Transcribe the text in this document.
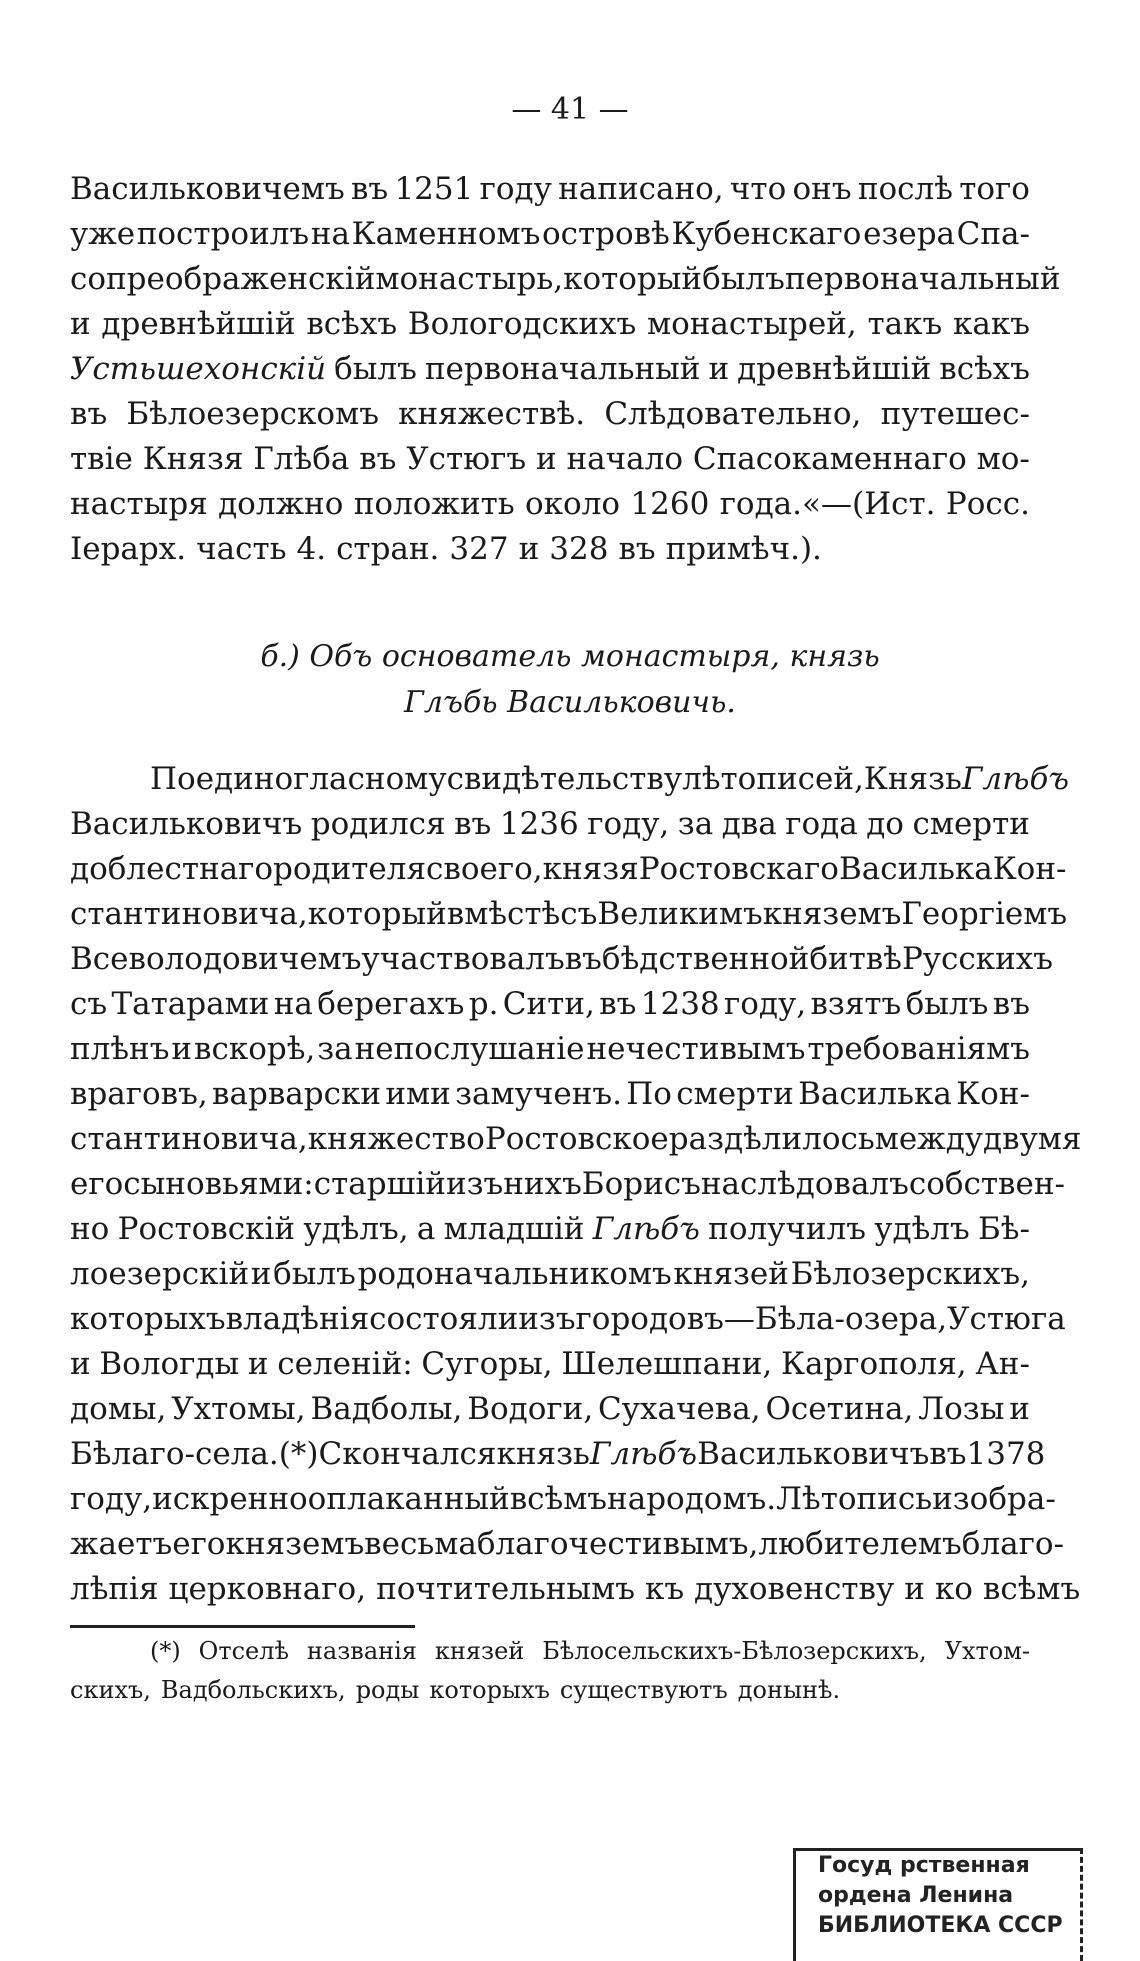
— 41 —
Васильковичемъ въ 1251 году написано, что онъ послѣ того
уже построилъ на Каменномъ островѣ Кубенскаго езера Спа-
сопреображенскій монастырь, который былъ первоначальный
и древнѣйшій всѣхъ Вологодскихъ монастырей, такъ какъ
Устьшехонскій былъ первоначальный и древнѣйшій всѣхъ
въ Бѣлоезерскомъ княжествѣ. Слѣдовательно, путешес-
твіе Князя Глѣба въ Устюгъ и начало Спасокаменнаго мо-
настыря должно положить около 1260 года.«—(Ист. Росс.
Іерарх. часть 4. стран. 327 и 328 въ примѣч.).
б.) Объ основатель монастыря, князь
Глъбь Васильковичь.
По единогласному свидѣтельству лѣтописей, Князь Глѣбъ
Васильковичъ родился въ 1236 году, за два года до смерти
доблестнаго родителя своего, князя Ростовскаго Василька Кон-
стантиновича, который вмѣстѣ съ Великимъ княземъ Георгіемъ
Всеволодовичемъ участвовалъ въ бѣдственной битвѣ Русскихъ
съ Татарами на берегахъ р. Сити, въ 1238 году, взятъ былъ въ
плѣнъ и вскорѣ, за непослушаніе нечестивымъ требованіямъ
враговъ, варварски ими замученъ. По смерти Василька Кон-
стантиновича, княжество Ростовское раздѣлилось между двумя
его сыновьями: старшій изъ нихъ Борисъ наслѣдовалъ собствен-
но Ростовскій удѣлъ, а младшій Глѣбъ получилъ удѣлъ Бѣ-
лоезерскій и былъ родоначальникомъ князей Бѣлозерскихъ,
которыхъ владѣнія состояли изъ городовъ—Бѣла-озера, Устюга
и Вологды и селеній: Сугоры, Шелешпани, Каргополя, Ан-
домы, Ухтомы, Вадболы, Водоги, Сухачева, Осетина, Лозы и
Бѣлаго-села. (*) Скончался князь Глѣбъ Васильковичъ въ 1378
году, искренно оплаканный всѣмъ народомъ. Лѣтопись изобра-
жаетъ его княземъ весьма благочестивымъ, любителемъ благо-
лѣпія церковнаго, почтительнымъ къ духовенству и ко всѣмъ
(*) Отселѣ названія князей Бѣлосельскихъ-Бѣлозерскихъ, Ухтом-
скихъ, Вадбольскихъ, роды которыхъ существуютъ донынѣ.
Госуд рственная
ордена Ленина
БИБЛИОТЕКА СССР
